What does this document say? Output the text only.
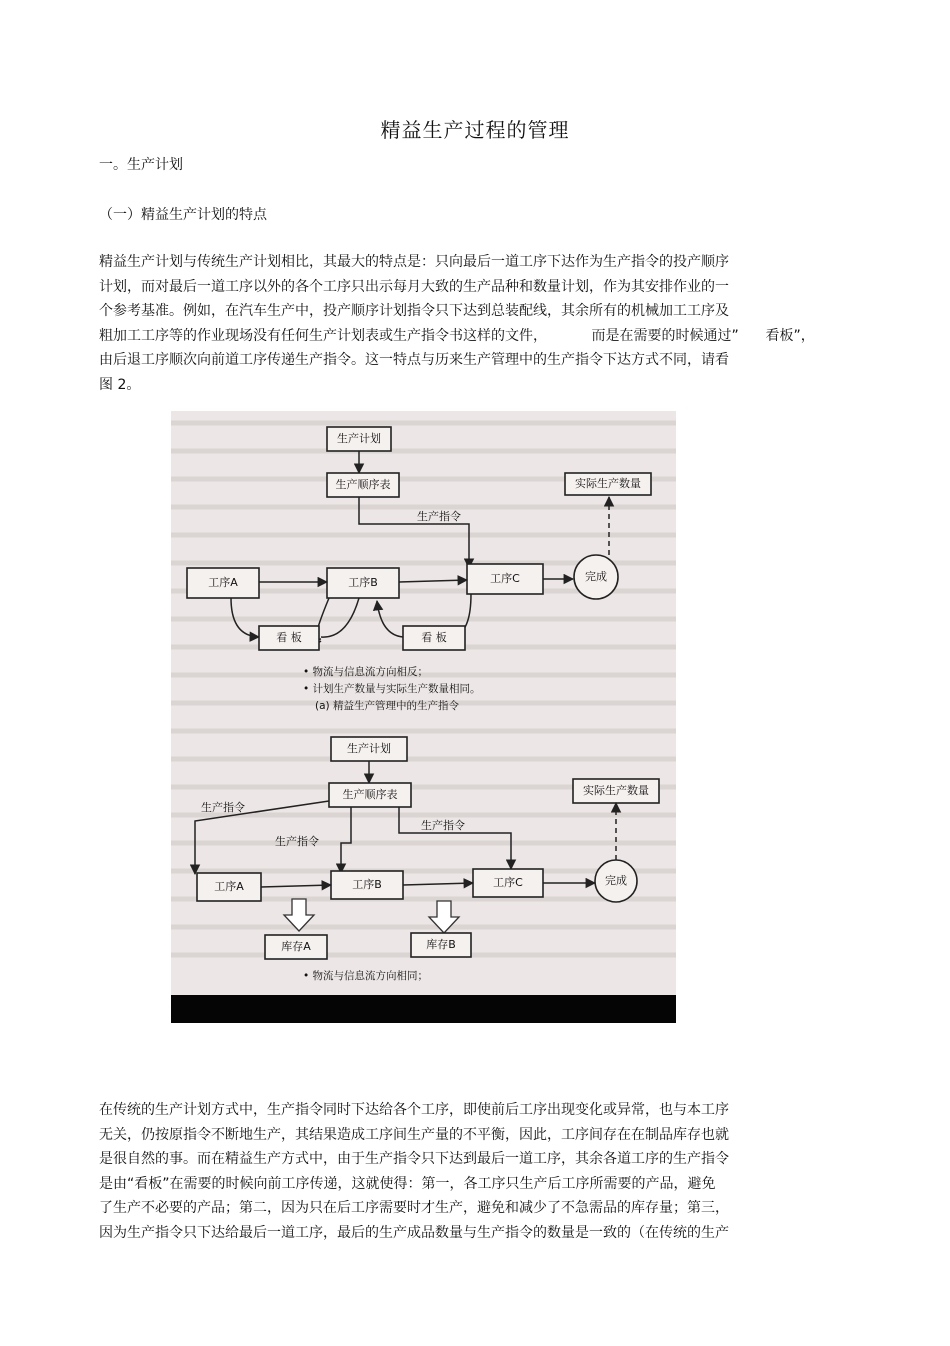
精益生产过程的管理
一。生产计划
（一）精益生产计划的特点
精益生产计划与传统生产计划相比，其最大的特点是：只向最后一道工序下达作为生产指令的投产顺序
计划，而对最后一道工序以外的各个工序只出示每月大致的生产品种和数量计划，作为其安排作业的一
个参考基准。例如，在汽车生产中，投产顺序计划指令只下达到总装配线，其余所有的机械加工工序及
粗加工工序等的作业现场没有任何生产计划表或生产指令书这样的文件，          而是在需要的时候通过”      看板”，
由后退工序顺次向前道工序传递生产指令。这一特点与历来生产管理中的生产指令下达方式不同，请看
图 2。
生产计划
生产顺序表	实际生产数量
生产指令
工序A	工序B	工序C	完成
看 板	看 板
• 物流与信息流方向相反；
• 计划生产数量与实际生产数量相同。
(a) 精益生产管理中的生产指令
生产计划
生产顺序表	实际生产数量
生产指令
生产指令
生产指令
工序A	工序B	工序C	完成
库存A	库存B
• 物流与信息流方向相同；
在传统的生产计划方式中，生产指令同时下达给各个工序，即使前后工序出现变化或异常，也与本工序
无关，仍按原指令不断地生产，其结果造成工序间生产量的不平衡，因此，工序间存在在制品库存也就
是很自然的事。而在精益生产方式中，由于生产指令只下达到最后一道工序，其余各道工序的生产指令
是由“看板”在需要的时候向前工序传递，这就使得：第一，各工序只生产后工序所需要的产品，避免
了生产不必要的产品；第二，因为只在后工序需要时才生产，避免和减少了不急需品的库存量；第三，
因为生产指令只下达给最后一道工序，最后的生产成品数量与生产指令的数量是一致的（在传统的生产
